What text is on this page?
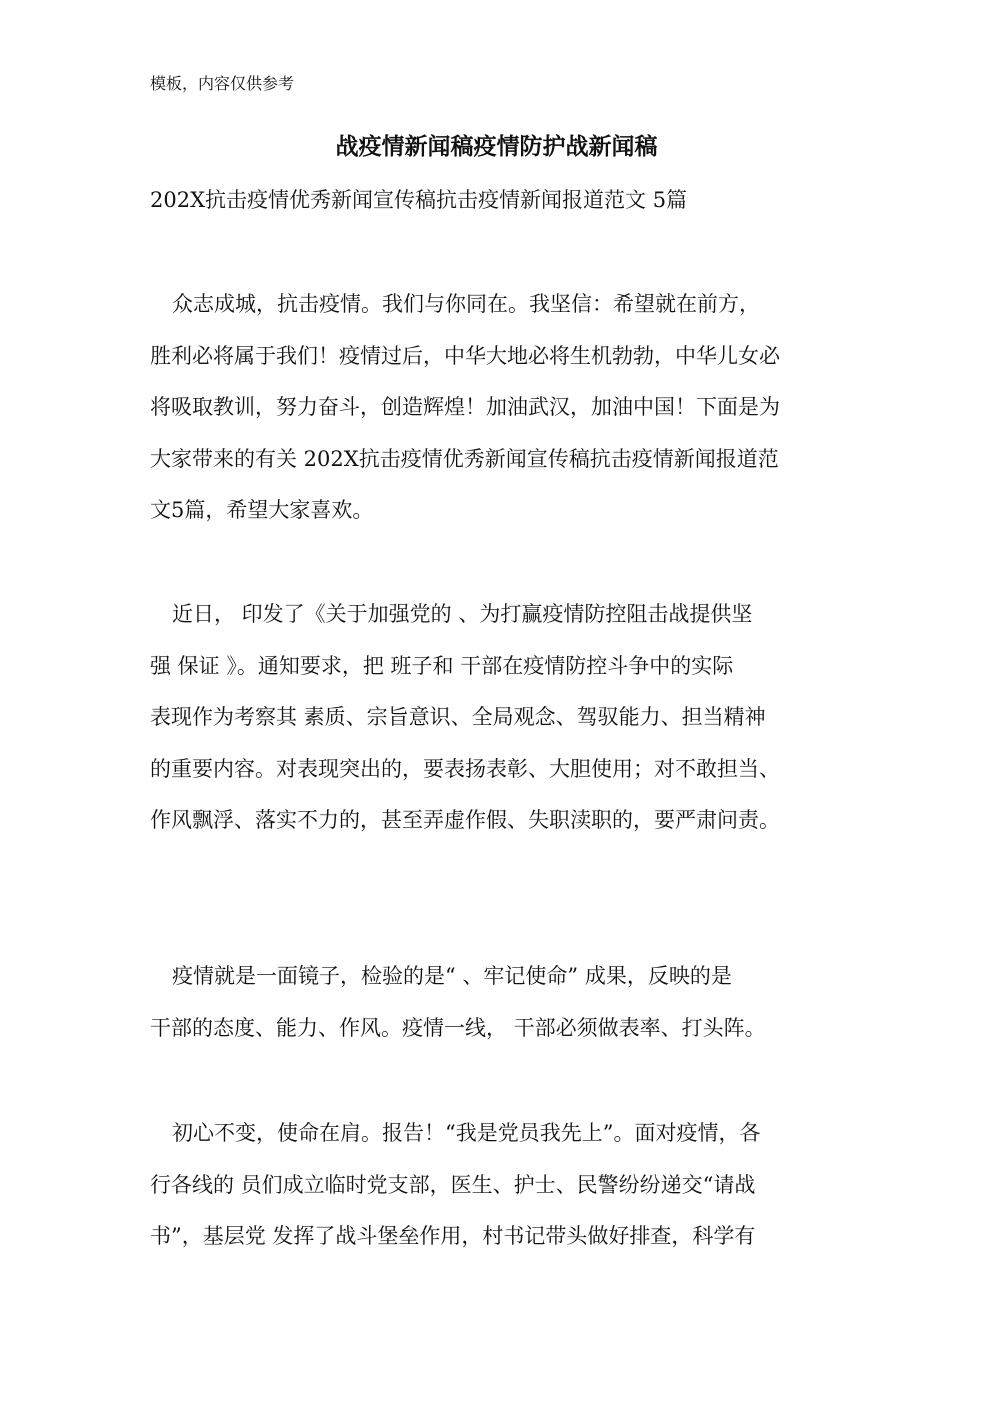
模板，内容仅供参考
战疫情新闻稿疫情防护战新闻稿
202X抗击疫情优秀新闻宣传稿抗击疫情新闻报道范文 5篇
众志成城，抗击疫情。我们与你同在。我坚信：希望就在前方，
胜利必将属于我们！疫情过后，中华大地必将生机勃勃，中华儿女必
将吸取教训，努力奋斗，创造辉煌！加油武汉，加油中国！下面是为
大家带来的有关 202X抗击疫情优秀新闻宣传稿抗击疫情新闻报道范
文5篇，希望大家喜欢。
近日， 印发了《关于加强党的 、为打赢疫情防控阻击战提供坚
强 保证 》。通知要求，把 班子和 干部在疫情防控斗争中的实际
表现作为考察其 素质、宗旨意识、全局观念、驾驭能力、担当精神
的重要内容。对表现突出的，要表扬表彰、大胆使用；对不敢担当、
作风飘浮、落实不力的，甚至弄虚作假、失职渎职的，要严肃问责。
疫情就是一面镜子，检验的是“ 、牢记使命” 成果，反映的是
干部的态度、能力、作风。疫情一线， 干部必须做表率、打头阵。
初心不变，使命在肩。报告！“我是党员我先上”。面对疫情，各
行各线的 员们成立临时党支部，医生、护士、民警纷纷递交“请战
书”，基层党 发挥了战斗堡垒作用，村书记带头做好排查，科学有
